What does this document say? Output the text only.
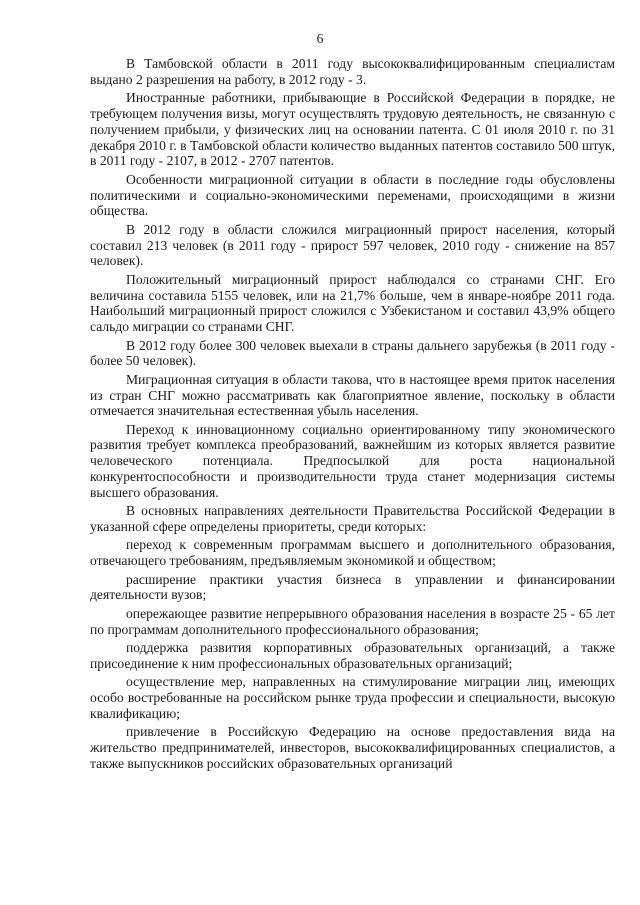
6

В Тамбовской области в 2011 году высококвалифицированным специалистам выдано 2 разрешения на работу, в 2012 году - 3.

Иностранные работники, прибывающие в Российской Федерации в порядке, не требующем получения визы, могут осуществлять трудовую деятельность, не связанную с получением прибыли, у физических лиц на основании патента. С 01 июля 2010 г. по 31 декабря 2010 г. в Тамбовской области количество выданных патентов составило 500 штук, в 2011 году - 2107, в 2012 - 2707 патентов.

Особенности миграционной ситуации в области в последние годы обусловлены политическими и социально-экономическими переменами, происходящими в жизни общества.

В 2012 году в области сложился миграционный прирост населения, который составил 213 человек (в 2011 году - прирост 597 человек, 2010 году - снижение на 857 человек).

Положительный миграционный прирост наблюдался со странами СНГ. Его величина составила 5155 человек, или на 21,7% больше, чем в январе-ноябре 2011 года. Наибольший миграционный прирост сложился с Узбекистаном и составил 43,9% общего сальдо миграции со странами СНГ.

В 2012 году более 300 человек выехали в страны дальнего зарубежья (в 2011 году - более 50 человек).

Миграционная ситуация в области такова, что в настоящее время приток населения из стран СНГ можно рассматривать как благоприятное явление, поскольку в области отмечается значительная естественная убыль населения.

Переход к инновационному социально ориентированному типу экономического развития требует комплекса преобразований, важнейшим из которых является развитие человеческого потенциала. Предпосылкой для роста национальной конкурентоспособности и производительности труда станет модернизация системы высшего образования.

В основных направлениях деятельности Правительства Российской Федерации в указанной сфере определены приоритеты, среди которых:

переход к современным программам высшего и дополнительного образования, отвечающего требованиям, предъявляемым экономикой и обществом;

расширение практики участия бизнеса в управлении и финансировании деятельности вузов;

опережающее развитие непрерывного образования населения в возрасте 25 - 65 лет по программам дополнительного профессионального образования;

поддержка развития корпоративных образовательных организаций, а также присоединение к ним профессиональных образовательных организаций;

осуществление мер, направленных на стимулирование миграции лиц, имеющих особо востребованные на российском рынке труда профессии и специальности, высокую квалификацию;

привлечение в Российскую Федерацию на основе предоставления вида на жительство предпринимателей, инвесторов, высококвалифицированных специалистов, а также выпускников российских образовательных организаций
